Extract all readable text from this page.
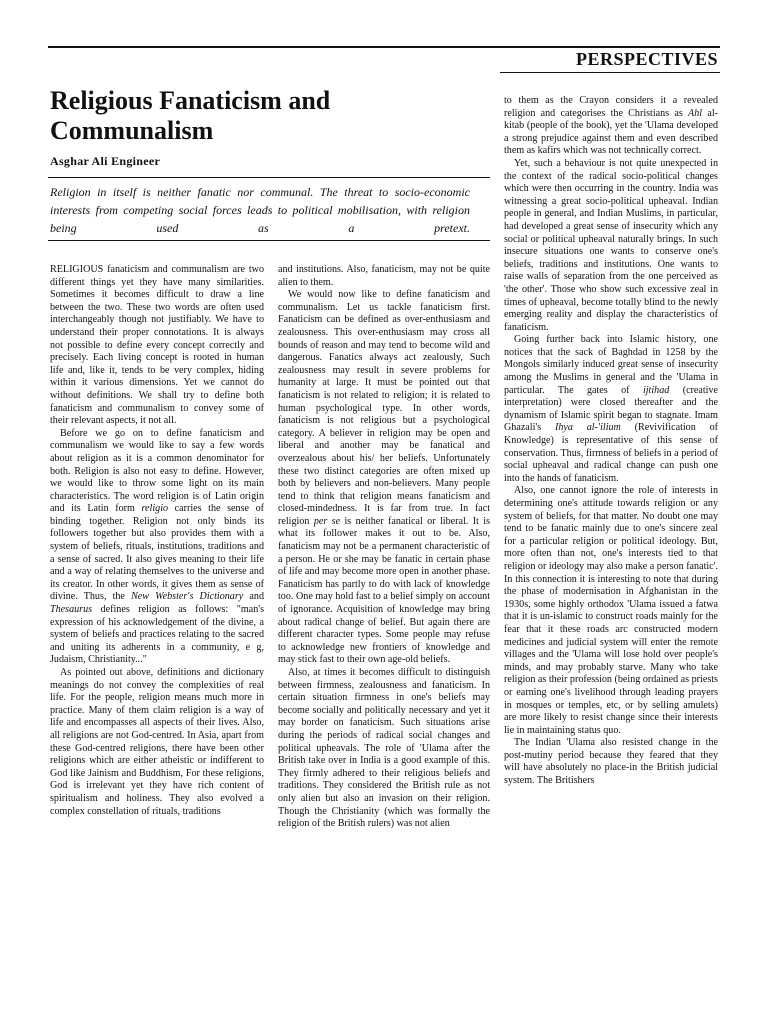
PERSPECTIVES
Religious Fanaticism and
Communalism
Asghar Ali Engineer

Religion in itself is neither fanatic nor communal. The threat to socio-economic interests from competing social forces leads to political mobilisation, with religion being used as a pretext.

RELIGIOUS fanaticism and communalism are two different things yet they have many similarities. Sometimes it becomes difficult to draw a line between the two. These two words are often used interchangeably though not justifiably. We have to understand their proper connotations. It is always not possible to define every concept correctly and precisely. Each living concept is rooted in human life and, like it, tends to be very complex, hiding within it various dimensions. Yet we cannot do without definitions. We shall try to define both fanaticism and communalism to convey some of their relevant aspects, it not all.

Before we go on to define fanaticism and communalism we would like to say a few words about religion as it is a common denominator for both. Religion is also not easy to define. However, we would like to throw some light on its main characteristics. The word religion is of Latin origin and its Latin form religio carries the sense of binding together. Religion not only binds its followers together but also provides them with a system of beliefs, rituals, institutions, traditions and a sense of sacred. It also gives meaning to their life and a way of relating themselves to the universe and its creator. In other words, it gives them as sense of divine. Thus, the New Webster's Dictionary and Thesaurus defines religion as follows: "man's expression of his acknowledgement of the divine, a system of beliefs and practices relating to the sacred and uniting its adherents in a community, e g, Judaism, Christianity..."

As pointed out above, definitions and dictionary meanings do not convey the complexities of real life. For the people, religion means much more in practice. Many of them claim religion is a way of life and encompasses all aspects of their lives. Also, all religions are not God-centred. In Asia, apart from these God-centred religions, there have been other religions which are either atheistic or indifferent to God like Jainism and Buddhism, For these religions, God is irrelevant yet they have rich content of spiritualism and holiness. They also evolved a complex constellation of rituals, traditions

and institutions. Also, fanaticism, may not be quite alien to them.

We would now like to define fanaticism and communalism. Let us tackle fanaticism first. Fanaticism can be defined as over-enthusiasm and zealousness. This over-enthusiasm may cross all bounds of reason and may tend to become wild and dangerous. Fanatics always act zealously, Such zealousness may result in severe problems for humanity at large. It must be pointed out that fanaticism is not related to religion; it is related to human psychological type. In other words, fanaticism is not religious but a psychological category. A believer in religion may be open and liberal and another may be fanatical and overzealous about his/ her beliefs. Unfortunately these two distinct categories are often mixed up both by believers and non-believers. Many people tend to think that religion means fanaticism and closed-mindedness. It is far from true. In fact religion per se is neither fanatical or liberal. It is what its follower makes it out to be. Also, fanaticism may not be a permanent characteristic of a person. He or she may be fanatic in certain phase of life and may become more open in another phase. Fanaticism has partly to do with lack of knowledge too. One may hold fast to a belief simply on account of ignorance. Acquisition of knowledge may bring about radical change of belief. But again there are different character types. Some people may refuse to acknowledge new frontiers of knowledge and may stick fast to their own age-old beliefs.

Also, at times it becomes difficult to distinguish between firmness, zealousness and fanaticism. In certain situation firmness in one's beliefs may become socially and politically necessary and yet it may border on fanaticism. Such situations arise during the periods of radical social changes and political upheavals. The role of 'Ulama after the British take over in India is a good example of this. They firmly adhered to their religious beliefs and traditions. They considered the British rule as not only alien but also an invasion on their religion. Though the Christianity (which was formally the religion of the British rulers) was not alien

to them as the Crayon considers it a revealed religion and categorises the Christians as Ahl al-kitab (people of the book), yet the 'Ulama developed a strong prejudice against them and even described them as kafirs which was not technically correct.

Yet, such a behaviour is not quite unexpected in the context of the radical socio-political changes which were then occurring in the country. India was witnessing a great socio-political upheaval. Indian people in general, and Indian Muslims, in particular, had developed a great sense of insecurity which any social or political upheaval naturally brings. In such insecure situations one wants to conserve one's beliefs, traditions and institutions. One wants to raise walls of separation from the one perceived as 'the other'. Those who show such excessive zeal in times of upheaval, become totally blind to the newly emerging reality and display the characteristics of fanaticism.

Going further back into Islamic history, one notices that the sack of Baghdad in 1258 by the Mongols similarly induced great sense of insecurity among the Muslims in general and the 'Ulama in particular. The gates of ijtihad (creative interpretation) were closed thereafter and the dynamism of Islamic spirit began to stagnate. Imam Ghazali's Ihya al-'ilium (Revivification of Knowledge) is representative of this sense of conservation. Thus, firmness of beliefs in a period of social upheaval and radical change can push one into the hands of fanaticism.

Also, one cannot ignore the role of interests in determining one's attitude towards religion or any system of beliefs, for that matter. No doubt one may tend to be fanatic mainly due to one's sincere zeal for a particular religion or political ideology. But, more often than not, one's interests tied to that religion or ideology may also make a person fanatic'. In this connection it is interesting to note that during the phase of modernisation in Afghanistan in the 1930s, some highly orthodox 'Ulama issued a fatwa that it is un-islamic to construct roads mainly for the fear that it these roads arc constructed modern medicines and judicial system will enter the remote villages and the 'Ulama will lose hold over people's minds, and may probably starve. Many who take religion as their profession (being ordained as priests or earning one's livelihood through leading prayers in mosques or temples, etc, or by selling amulets) are more likely to resist change since their interests lie in maintaining status quo.

The Indian 'Ulama also resisted change in the post-mutiny period because they feared that they will have absolutely no place-in the British judicial system. The Britishers
